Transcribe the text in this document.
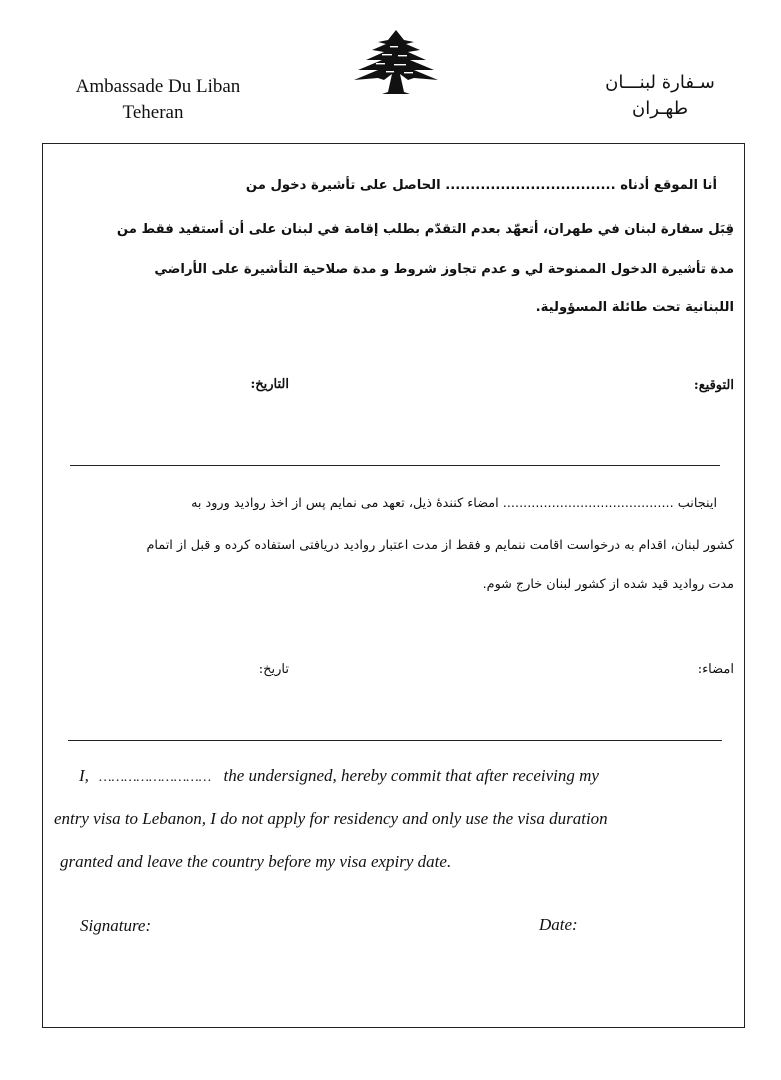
Ambassade Du Liban

Teheran
سـفارة لبنـــان
طهـران
أنا الموقع أدناه .................................. الحاصل على تأشيرة دخول من
قِبَل سفارة لبنان في طهران، أتعهّد بعدم التقدّم بطلب إقامة في لبنان على أن أستفيد فقط من
مدة تأشيرة الدخول الممنوحة لي و عدم تجاوز شروط و مدة صلاحية التأشيرة على الأراضي
اللبنانية تحت طائلة المسؤولية.
التوقيع:
التاريخ:
اینجانب .......................................... امضاء كنندهٔ ذيل، تعهد مى نمايم پس از اخذ رواديد ورود به
كشور لبنان، اقدام به درخواست اقامت ننمايم و فقط از مدت اعتبار رواديد دريافتى استفاده كرده و قبل از اتمام
مدت رواديد قيد شده از كشور لبنان خارج شوم.
امضاء:
تاريخ:
I, ……………………… the undersigned, hereby commit that after receiving my
entry visa to Lebanon, I do not apply for residency and only use the visa duration
granted and leave the country before my visa expiry date.
Signature:	Date:
